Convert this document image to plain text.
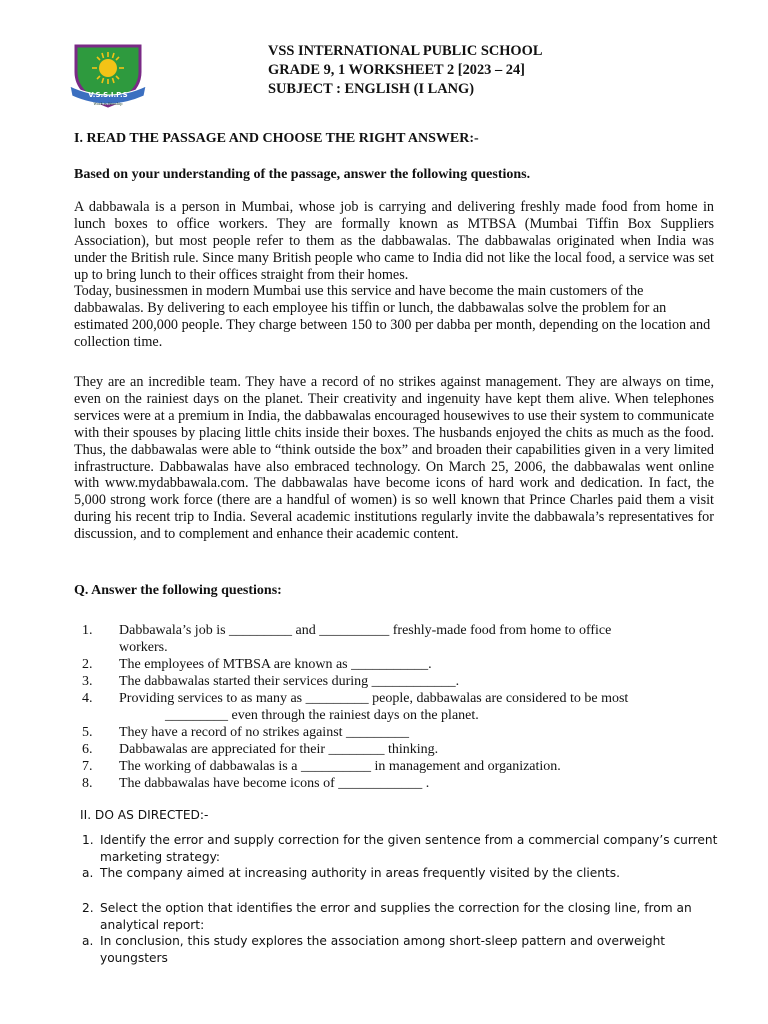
V.S.S.I.P.S
Work is Worship
VSS INTERNATIONAL PUBLIC SCHOOL
GRADE 9, 1 WORKSHEET 2 [2023 – 24]
SUBJECT : ENGLISH (I LANG)
I. READ THE PASSAGE AND CHOOSE THE RIGHT ANSWER:-
Based on your understanding of the passage, answer the following questions.

A dabbawala is a person in Mumbai, whose job is carrying and delivering freshly made food from home in lunch boxes to office workers. They are formally known as MTBSA (Mumbai Tiffin Box Suppliers Association), but most people refer to them as the dabbawalas. The dabbawalas originated when India was under the British rule. Since many British people who came to India did not like the local food, a service was set up to bring lunch to their offices straight from their homes.

Today, businessmen in modern Mumbai use this service and have become the main customers of the dabbawalas. By delivering to each employee his tiffin or lunch, the dabbawalas solve the problem for an estimated 200,000 people. They charge between 150 to 300 per dabba per month, depending on the location and collection time.

They are an incredible team. They have a record of no strikes against management. They are always on time, even on the rainiest days on the planet. Their creativity and ingenuity have kept them alive. When telephones services were at a premium in India, the dabbawalas encouraged housewives to use their system to communicate with their spouses by placing little chits inside their boxes. The husbands enjoyed the chits as much as the food. Thus, the dabbawalas were able to “think outside the box” and broaden their capabilities given in a very limited infrastructure. Dabbawalas have also embraced technology. On March 25, 2006, the dabbawalas went online with www.mydabbawala.com. The dabbawalas have become icons of hard work and dedication. In fact, the 5,000 strong work force (there are a handful of women) is so well known that Prince Charles paid them a visit during his recent trip to India. Several academic institutions regularly invite the dabbawala’s representatives for discussion, and to complement and enhance their academic content.

Q. Answer the following questions:
1. Dabbawala’s job is _________ and __________ freshly-made food from home to office
workers.
2. The employees of MTBSA are known as ___________.
3. The dabbawalas started their services during ____________.
4. Providing services to as many as _________ people, dabbawalas are considered to be most
_________ even through the rainiest days on the planet.
5. They have a record of no strikes against _________
6. Dabbawalas are appreciated for their ________ thinking.
7. The working of dabbawalas is a __________ in management and organization.
8. The dabbawalas have become icons of ____________ .
II. DO AS DIRECTED:-
1. Identify the error and supply correction for the given sentence from a commercial company’s current marketing strategy:
a. The company aimed at increasing authority in areas frequently visited by the clients.
2. Select the option that identifies the error and supplies the correction for the closing line, from an analytical report:
a. In conclusion, this study explores the association among short-sleep pattern and overweight youngsters
